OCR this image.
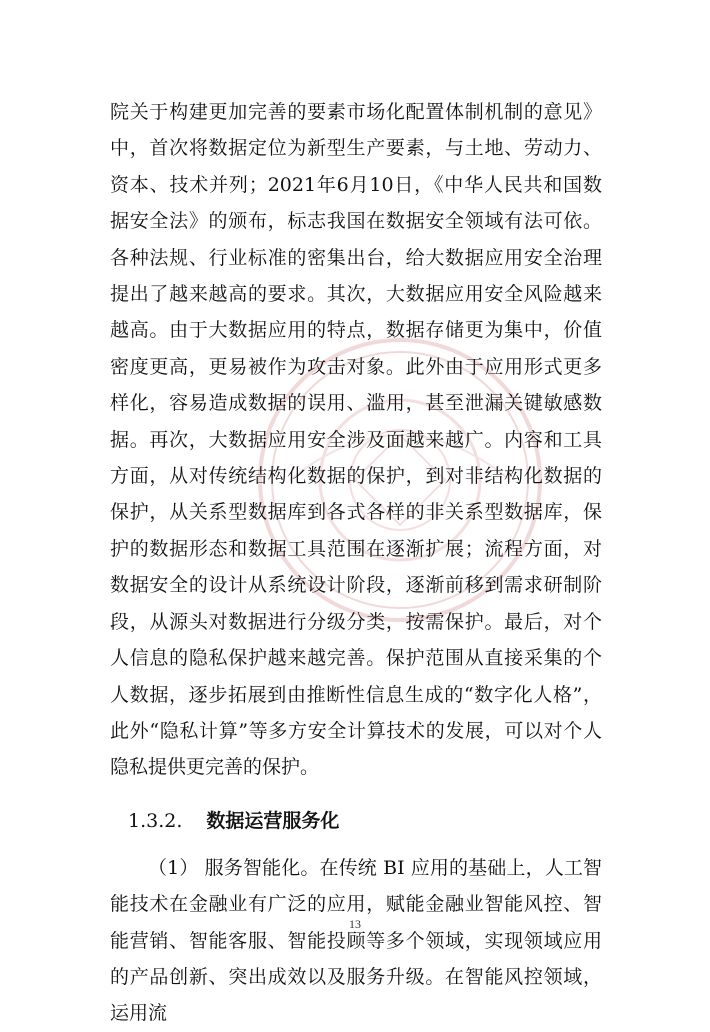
院关于构建更加完善的要素市场化配置体制机制的意见》中，首次将数据定位为新型生产要素，与土地、劳动力、资本、技术并列；2021年6月10日，《中华人民共和国数据安全法》的颁布，标志我国在数据安全领域有法可依。各种法规、行业标准的密集出台，给大数据应用安全治理提出了越来越高的要求。其次，大数据应用安全风险越来越高。由于大数据应用的特点，数据存储更为集中，价值密度更高，更易被作为攻击对象。此外由于应用形式更多样化，容易造成数据的误用、滥用，甚至泄漏关键敏感数据。再次，大数据应用安全涉及面越来越广。内容和工具方面，从对传统结构化数据的保护，到对非结构化数据的保护，从关系型数据库到各式各样的非关系型数据库，保护的数据形态和数据工具范围在逐渐扩展；流程方面，对数据安全的设计从系统设计阶段，逐渐前移到需求研制阶段，从源头对数据进行分级分类，按需保护。最后，对个人信息的隐私保护越来越完善。保护范围从直接采集的个人数据，逐步拓展到由推断性信息生成的“数字化人格”，此外“隐私计算”等多方安全计算技术的发展，可以对个人隐私提供更完善的保护。

1.3.2. 数据运营服务化

（1） 服务智能化。在传统 BI 应用的基础上，人工智能技术在金融业有广泛的应用，赋能金融业智能风控、智能营销、智能客服、智能投顾等多个领域，实现领域应用的产品创新、突出成效以及服务升级。在智能风控领域，运用流

13
